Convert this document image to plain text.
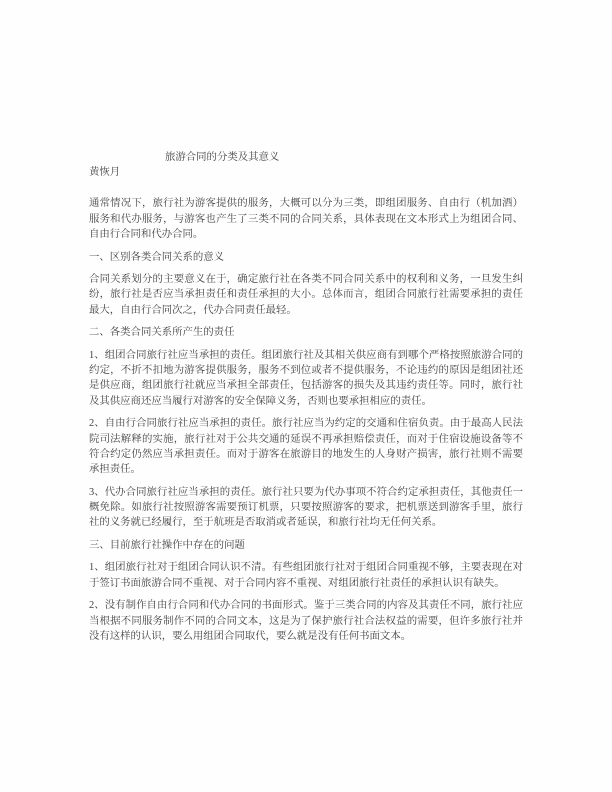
旅游合同的分类及其意义
黄恢月
通常情况下，旅行社为游客提供的服务，大概可以分为三类，即组团服务、自由行（机加酒）
服务和代办服务，与游客也产生了三类不同的合同关系，具体表现在文本形式上为组团合同、
自由行合同和代办合同。
一、区别各类合同关系的意义
合同关系划分的主要意义在于，确定旅行社在各类不同合同关系中的权利和义务，一旦发生纠
纷，旅行社是否应当承担责任和责任承担的大小。总体而言，组团合同旅行社需要承担的责任
最大，自由行合同次之，代办合同责任最轻。
二、各类合同关系所产生的责任
1、组团合同旅行社应当承担的责任。组团旅行社及其相关供应商有到哪个严格按照旅游合同的
约定，不折不扣地为游客提供服务，服务不到位或者不提供服务，不论违约的原因是组团社还
是供应商，组团旅行社就应当承担全部责任，包括游客的损失及其违约责任等。同时，旅行社
及其供应商还应当履行对游客的安全保障义务，否则也要承担相应的责任。
2、自由行合同旅行社应当承担的责任。旅行社应当为约定的交通和住宿负责。由于最高人民法
院司法解释的实施，旅行社对于公共交通的延误不再承担赔偿责任，而对于住宿设施设备等不
符合约定仍然应当承担责任。而对于游客在旅游目的地发生的人身财产损害，旅行社则不需要
承担责任。
3、代办合同旅行社应当承担的责任。旅行社只要为代办事项不符合约定承担责任，其他责任一
概免除。如旅行社按照游客需要预订机票，只要按照游客的要求，把机票送到游客手里，旅行
社的义务就已经履行，至于航班是否取消或者延误，和旅行社均无任何关系。
三、目前旅行社操作中存在的问题
1、组团旅行社对于组团合同认识不清。有些组团旅行社对于组团合同重视不够，主要表现在对
于签订书面旅游合同不重视、对于合同内容不重视、对组团旅行社责任的承担认识有缺失。
2、没有制作自由行合同和代办合同的书面形式。鉴于三类合同的内容及其责任不同，旅行社应
当根据不同服务制作不同的合同文本，这是为了保护旅行社合法权益的需要，但许多旅行社并
没有这样的认识，要么用组团合同取代，要么就是没有任何书面文本。
